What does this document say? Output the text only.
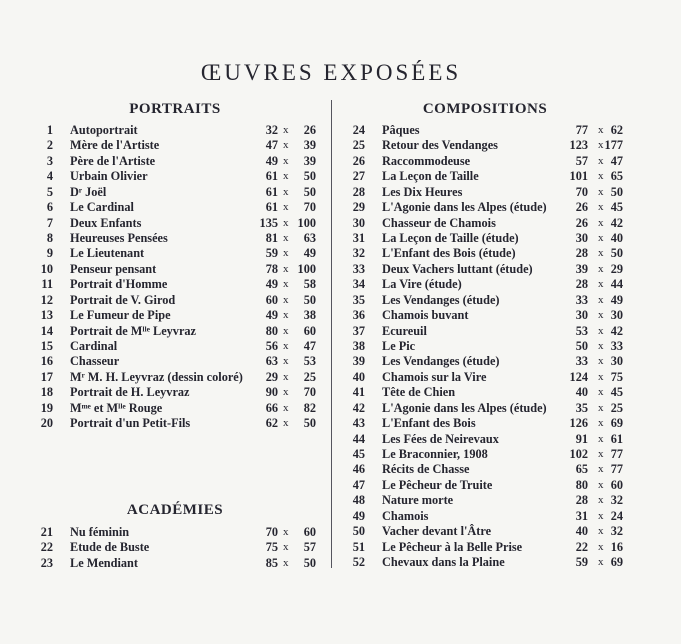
ŒUVRES EXPOSÉES
PORTRAITS	COMPOSITIONS
ACADÉMIES
1 Autoportrait	32 x	26
2 Mère de l'Artiste	47 x	39
3 Père de l'Artiste	49 x	39
4 Urbain Olivier	61 x	50
5 Dʳ Joël	61 x	50
6 Le Cardinal	61 x	70
7 Deux Enfants	135 x 100
8 Heureuses Pensées	81 x	63
9 Le Lieutenant	59 x	49
10 Penseur pensant	78 x 100
11 Portrait d'Homme	49 x	58
12 Portrait de V. Girod	60 x	50
13 Le Fumeur de Pipe	49 x	38
14 Portrait de Mˡˡᵉ Leyvraz	80 x	60
15 Cardinal	56 x	47
16 Chasseur	63 x	53
17 Mʳ M. H. Leyvraz (dessin coloré)	29 x	25
18 Portrait de H. Leyvraz	90 x	70
19 Mᵐᵉ et Mˡˡᵉ Rouge	66 x	82
20 Portrait d'un Petit-Fils	62 x	50
21 Nu féminin	70 x	60
22 Etude de Buste	75 x	57
23 Le Mendiant	85 x	50
24 Pâques	77 x 62
25 Retour des Vendanges	123 x 177
26 Raccommodeuse	57 x 47
27 La Leçon de Taille	101 x 65
28 Les Dix Heures	70 x 50
29 L'Agonie dans les Alpes (étude)	26 x 45
30 Chasseur de Chamois	26 x 42
31 La Leçon de Taille (étude)	30 x 40
32 L'Enfant des Bois (étude)	28 x 50
33 Deux Vachers luttant (étude)	39 x 29
34 La Vire (étude)	28 x 44
35 Les Vendanges (étude)	33 x 49
36 Chamois buvant	30 x 30
37 Ecureuil	53 x 42
38 Le Pic	50 x 33
39 Les Vendanges (étude)	33 x 30
40 Chamois sur la Vire	124 x 75
41 Tête de Chien	40 x 45
42 L'Agonie dans les Alpes (étude)	35 x 25
43 L'Enfant des Bois	126 x 69
44 Les Fées de Neirevaux	91 x 61
45 Le Braconnier, 1908	102 x 77
46 Récits de Chasse	65 x 77
47 Le Pêcheur de Truite	80 x 60
48 Nature morte	28 x 32
49 Chamois	31 x 24
50 Vacher devant l'Âtre	40 x 32
51 Le Pêcheur à la Belle Prise	22 x 16
52 Chevaux dans la Plaine	59 x 69
